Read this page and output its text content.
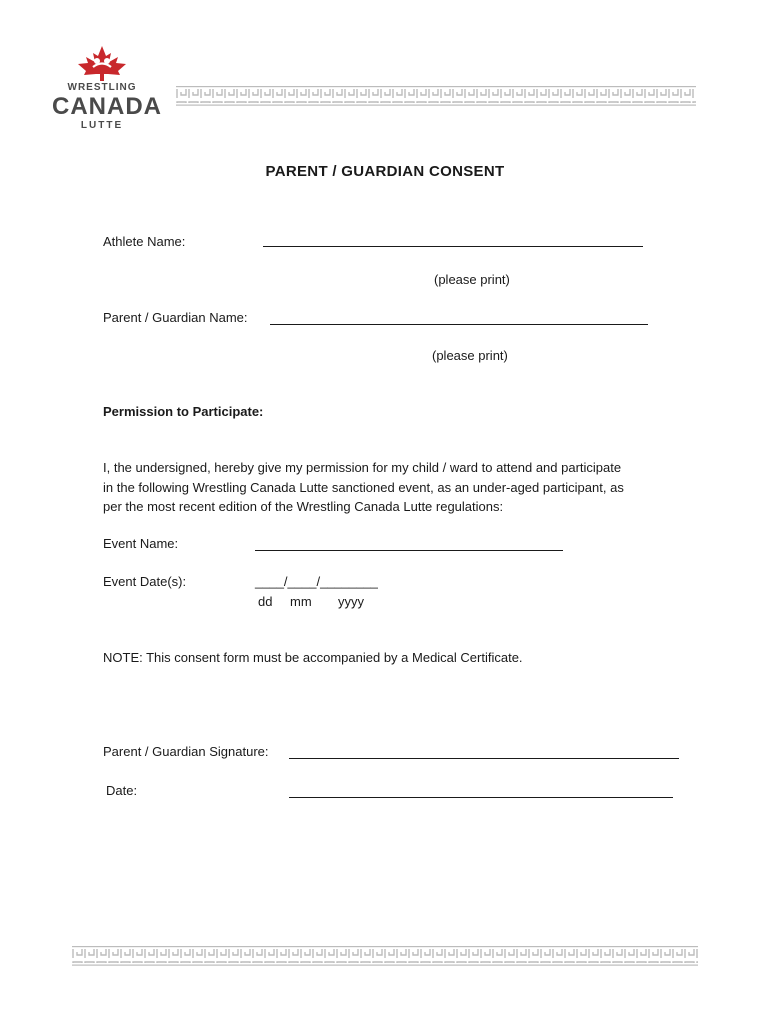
WRESTLING
CANADA
LUTTE
PARENT / GUARDIAN CONSENT
Athlete Name:
(please print)
Parent / Guardian Name:
(please print)
Permission to Participate:
I, the undersigned, hereby give my permission for my child / ward to attend and participate
in the following Wrestling Canada Lutte sanctioned event, as an under-aged participant, as
per the most recent edition of the Wrestling Canada Lutte regulations:
Event Name:
Event Date(s):	____/____/________
dd mm yyyy
NOTE: This consent form must be accompanied by a Medical Certificate.
Parent / Guardian Signature:
Date:
